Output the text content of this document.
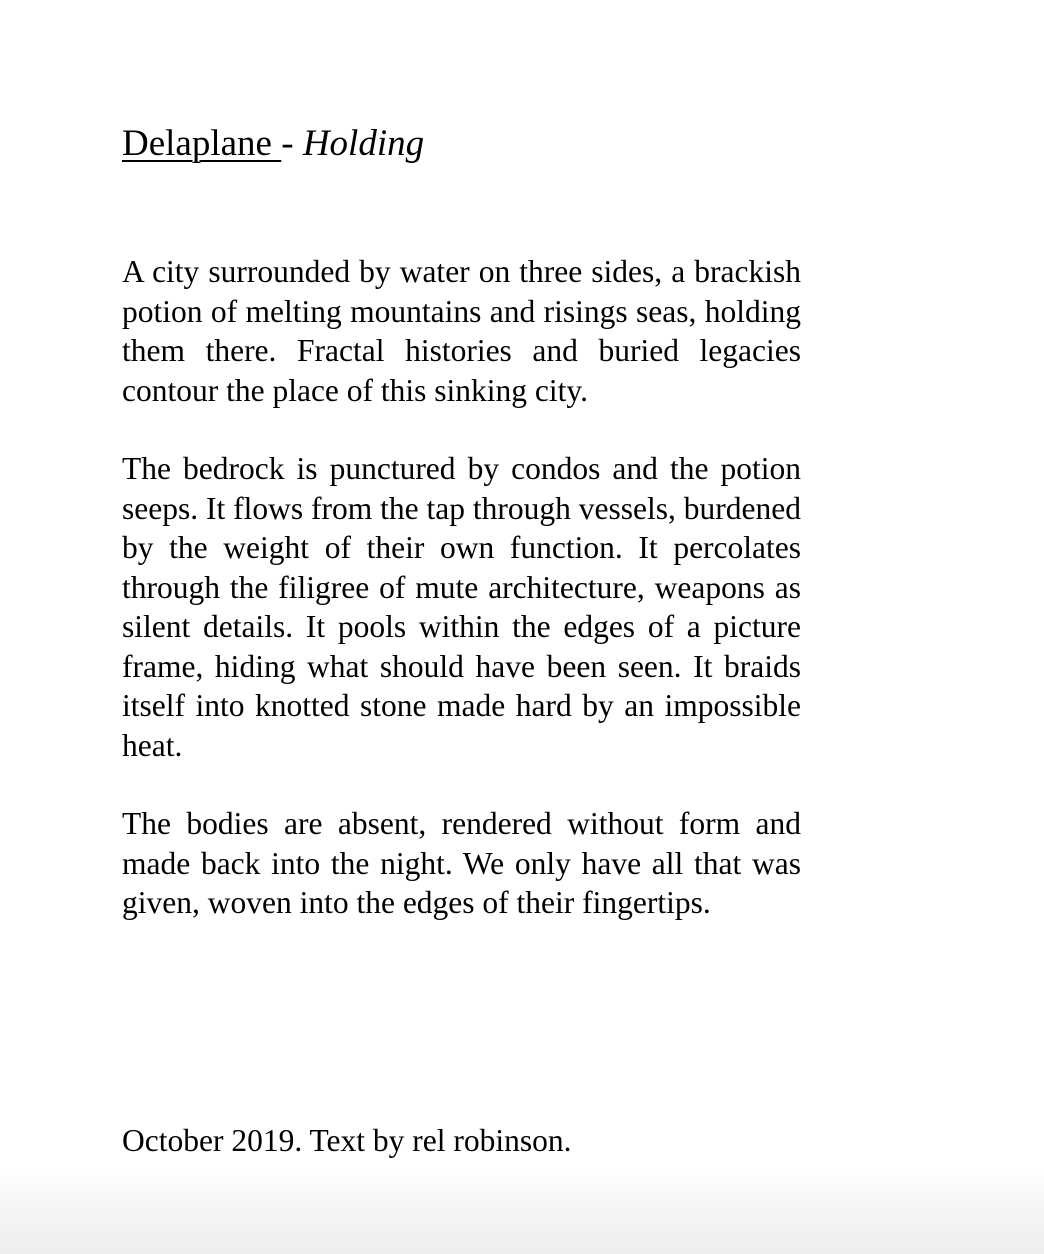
Delaplane - Holding

A city surrounded by water on three sides, a brackish potion of melting mountains and risings seas, holding them there. Fractal histories and buried legacies contour the place of this sinking city.

The bedrock is punctured by condos and the potion seeps. It flows from the tap through vessels, burdened by the weight of their own function. It percolates through the filigree of mute architecture, weapons as silent details. It pools within the edges of a picture frame, hiding what should have been seen. It braids itself into knotted stone made hard by an impossible heat.

The bodies are absent, rendered without form and made back into the night. We only have all that was given, woven into the edges of their fingertips.

October 2019. Text by rel robinson.
